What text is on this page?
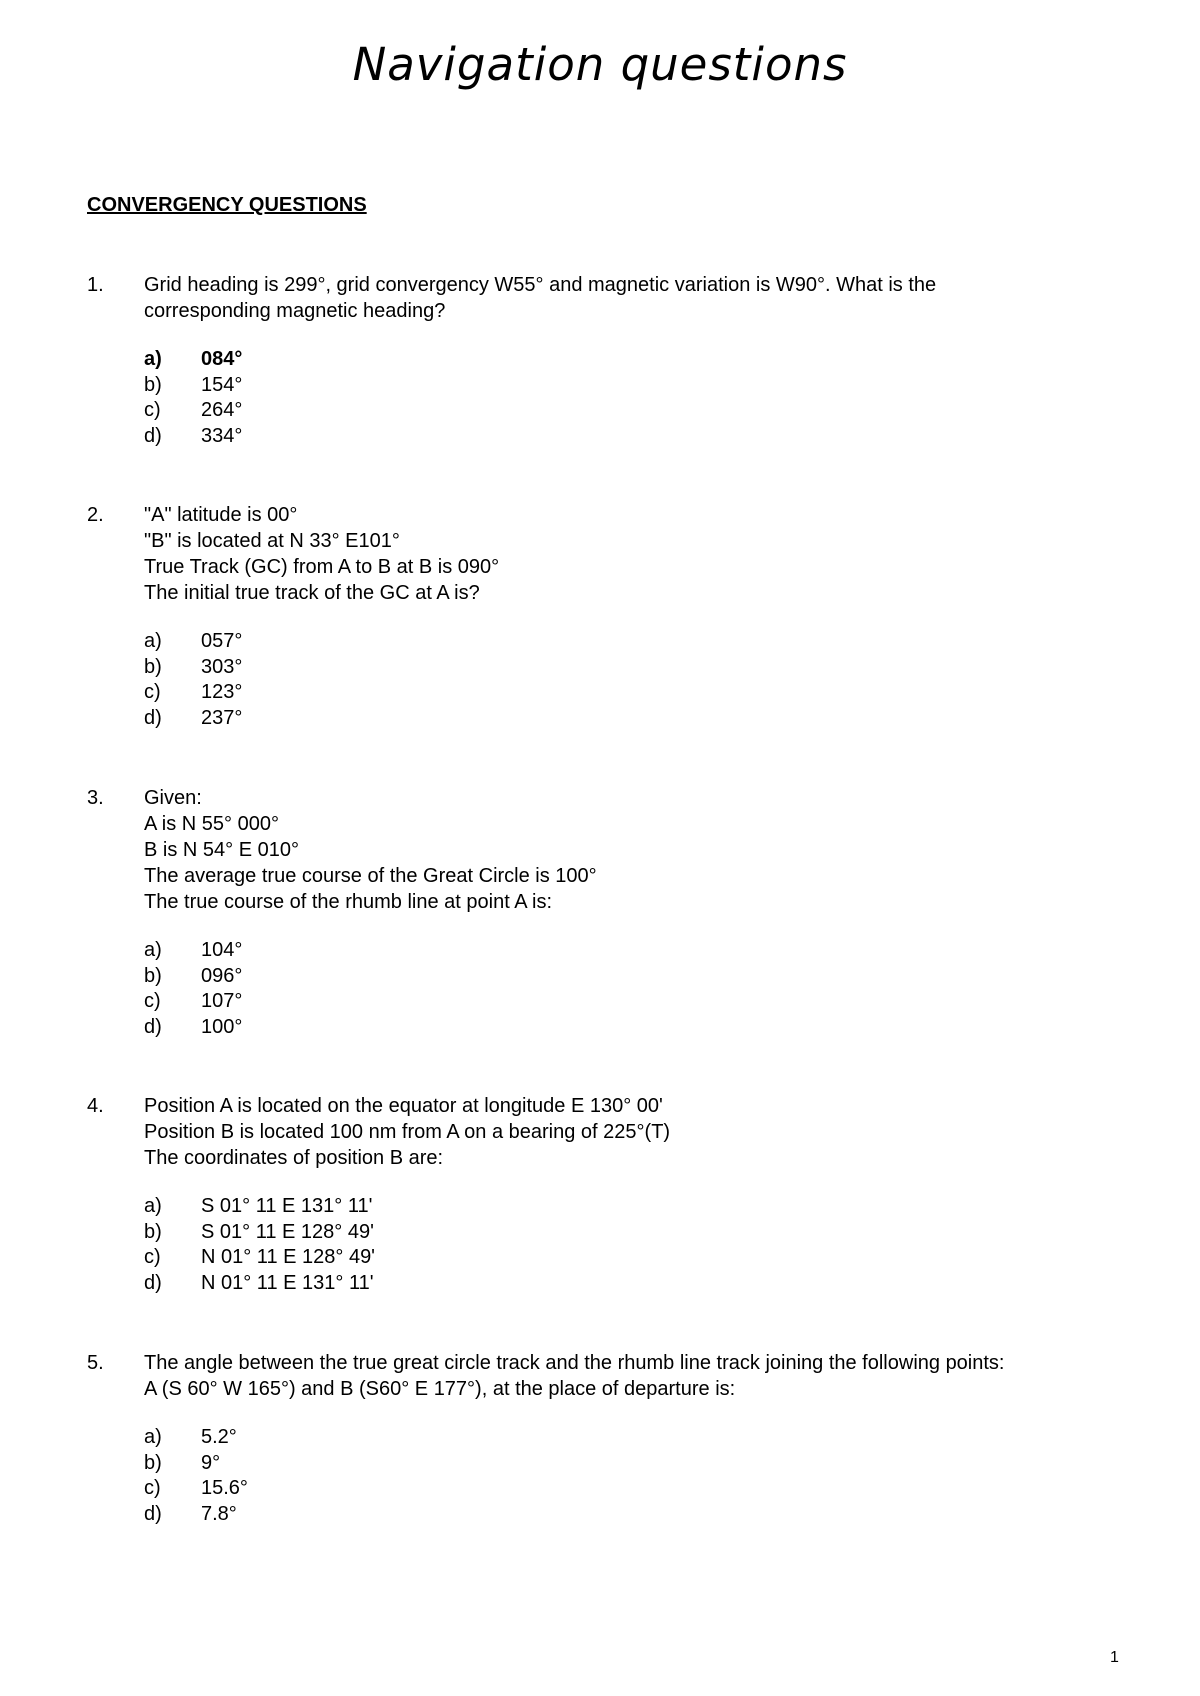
Navigation questions
CONVERGENCY QUESTIONS
1. Grid heading is 299°, grid convergency W55° and magnetic variation is W90°. What is the
corresponding magnetic heading?
a) 084°
b) 154°
c) 264°
d) 334°
2. "A" latitude is 00°
"B" is located at N 33° E101°
True Track (GC) from A to B at B is 090°
The initial true track of the GC at A is?
a) 057°
b) 303°
c) 123°
d) 237°
3. Given:
A is N 55° 000°
B is N 54° E 010°
The average true course of the Great Circle is 100°
The true course of the rhumb line at point A is:
a) 104°
b) 096°
c) 107°
d) 100°
4. Position A is located on the equator at longitude E 130° 00'
Position B is located 100 nm from A on a bearing of 225°(T)
The coordinates of position B are:
a) S 01° 11 E 131° 11'
b) S 01° 11 E 128° 49'
c) N 01° 11 E 128° 49'
d) N 01° 11 E 131° 11'
5. The angle between the true great circle track and the rhumb line track joining the following points:
A (S 60° W 165°) and B (S60° E 177°), at the place of departure is:
a) 5.2°
b) 9°
c) 15.6°
d) 7.8°
1
